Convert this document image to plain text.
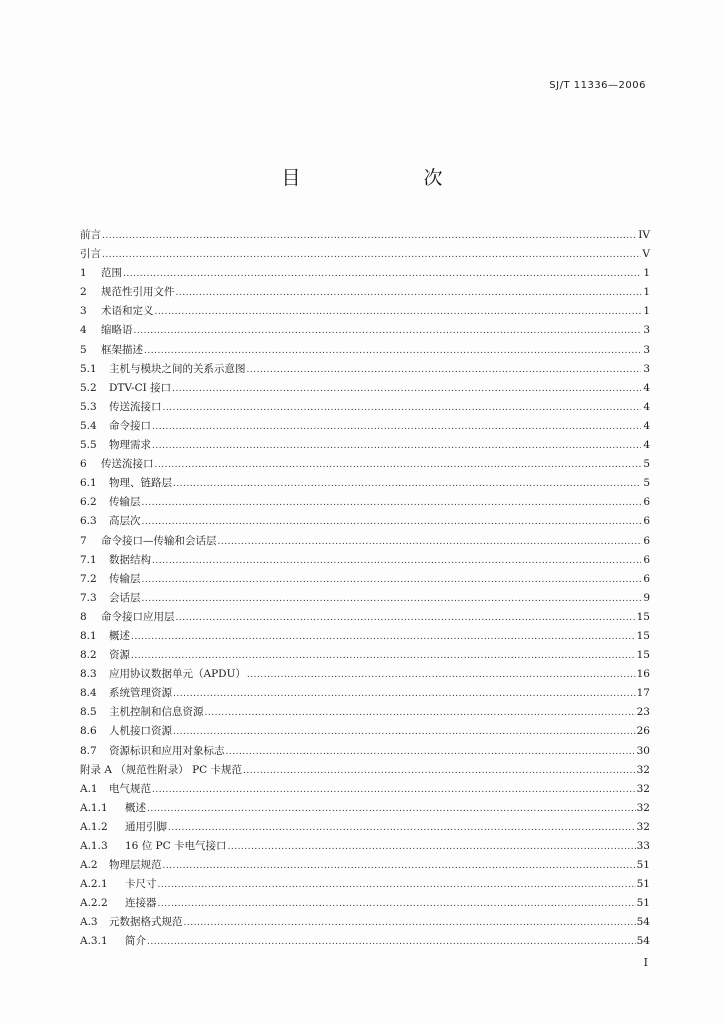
SJ/T 11336—2006
目　次
前言 .....	IV
引言 .....	V
1	范围 .....	1
2	规范性引用文件 .....	1
3	术语和定义 .....	1
4	缩略语 .....	3
5	框架描述 .....	3
5.1	主机与模块之间的关系示意图 .....	3
5.2	DTV-CI 接口 .....	4
5.3	传送流接口 .....	4
5.4	命令接口 .....	4
5.5	物理需求 .....	4
6	传送流接口 .....	5
6.1	物理、链路层 .....	5
6.2	传输层 .....	6
6.3	高层次 .....	6
7	命令接口—传输和会话层 .....	6
7.1	数据结构 .....	6
7.2	传输层 .....	6
7.3	会话层 .....	9
8	命令接口应用层 .....	15
8.1	概述 .....	15
8.2	资源 .....	15
8.3	应用协议数据单元（APDU） .....	16
8.4	系统管理资源 .....	17
8.5	主机控制和信息资源 .....	23
8.6	人机接口资源 .....	26
8.7	资源标识和应用对象标志 .....	30
附录 A （规范性附录） PC 卡规范 .....	32
A.1	电气规范 .....	32
A.1.1	概述 .....	32
A.1.2	通用引脚 .....	32
A.1.3	16 位 PC 卡电气接口 .....	33
A.2	物理层规范 .....	51
A.2.1	卡尺寸 .....	51
A.2.2	连接器 .....	51
A.3	元数据格式规范 .....	54
A.3.1	简介 .....	54
I
